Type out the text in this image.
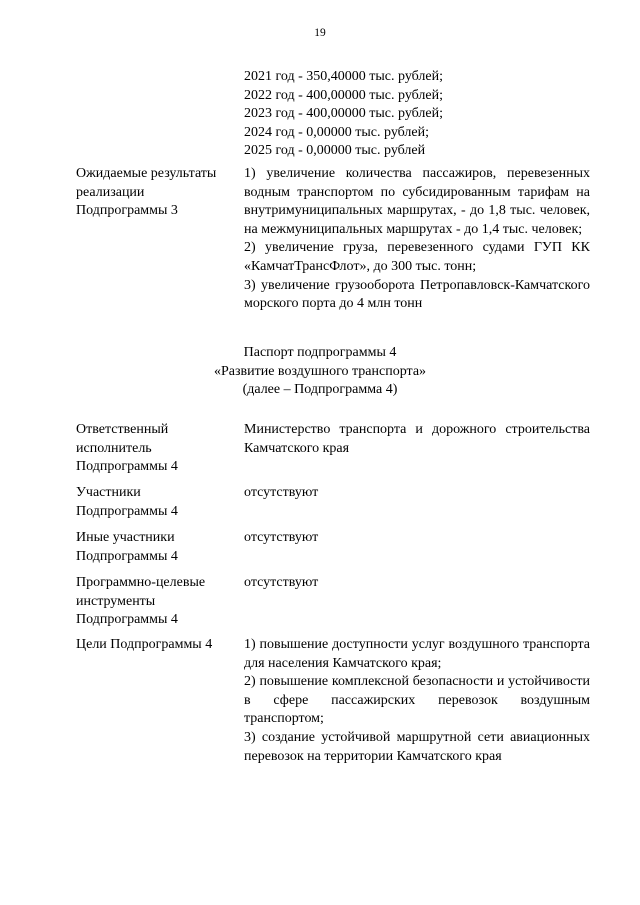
19
2021 год - 350,40000 тыс. рублей;
2022 год - 400,00000 тыс. рублей;
2023 год - 400,00000 тыс. рублей;
2024 год - 0,00000 тыс. рублей;
2025 год - 0,00000 тыс. рублей
Ожидаемые результаты
реализации
Подпрограммы 3

1) увеличение количества пассажиров, перевезенных водным транспортом по субсидированным тарифам на внутримуниципальных маршрутах, - до 1,8 тыс. человек, на межмуниципальных маршрутах - до 1,4 тыс. человек;

2) увеличение груза, перевезенного судами ГУП КК «КамчатТрансФлот», до 300 тыс. тонн;

3) увеличение грузооборота Петропавловск-Камчатского морского порта до 4 млн тонн

Паспорт подпрограммы 4
«Развитие воздушного транспорта»
(далее – Подпрограмма 4)
Ответственный
исполнитель
Подпрограммы 4

Министерство транспорта и дорожного строительства Камчатского края

Участники
Подпрограммы 4

отсутствуют

Иные участники
Подпрограммы 4

отсутствуют

Программно-целевые
инструменты
Подпрограммы 4

отсутствуют

Цели Подпрограммы 4	1) повышение доступности услуг воздушного транспорта для населения Камчатского края;

2) повышение комплексной безопасности и устойчивости в сфере пассажирских перевозок воздушным транспортом;

3) создание устойчивой маршрутной сети авиационных перевозок на территории Камчатского края
